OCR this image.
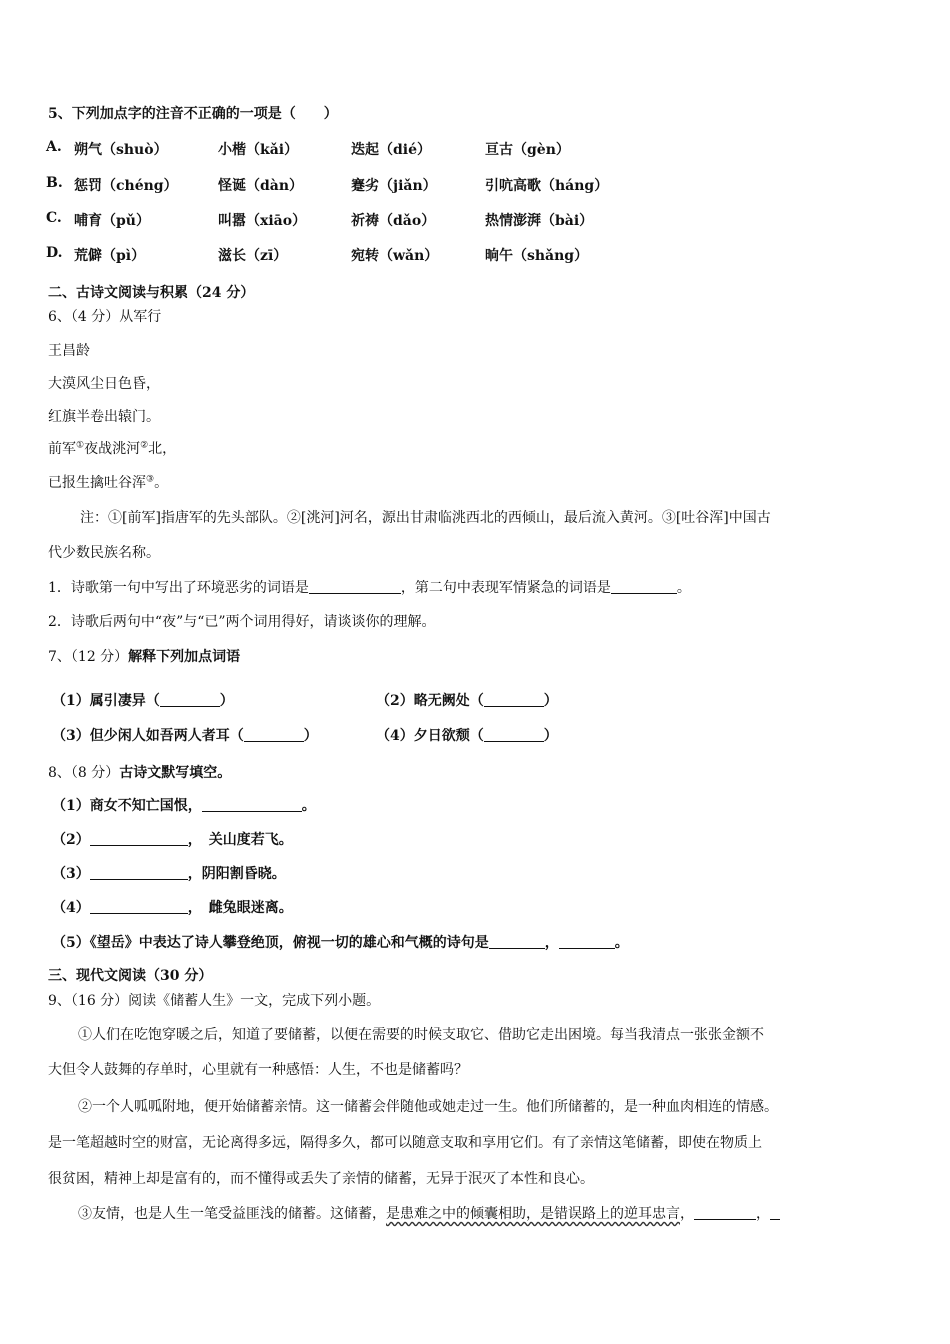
5、下列加点字的注音不正确的一项是（　　）
A. 朔气（shuò）	小楷（kǎi）	迭起（dié）	亘古（gèn）
B. 惩罚（chéng）	怪诞（dàn）	蹇劣（jiǎn）	引吭高歌（háng）
C. 哺育（pǔ）	叫嚣（xiāo）	祈祷（dǎo）	热情澎湃（bài）
D. 荒僻（pì）	滋长（zī）	宛转（wǎn）	晌午（shǎng）
二、古诗文阅读与积累（24 分）
6、（4 分）从军行
王昌龄
大漠风尘日色昏，
红旗半卷出辕门。
前军①夜战洮河②北，
已报生擒吐谷浑③。
注：①[前军]指唐军的先头部队。②[洮河]河名，源出甘肃临洮西北的西倾山，最后流入黄河。③[吐谷浑]中国古
代少数民族名称。
1．诗歌第一句中写出了环境恶劣的词语是	，第二句中表现军情紧急的词语是	。
2．诗歌后两句中“夜”与“已”两个词用得好，请谈谈你的理解。
7、（12 分）解释下列加点词语
（1）属引凄异（	）	（2）略无阙处（	）
（3）但少闲人如吾两人者耳（	）	（4）夕日欲颓（	）
8、（8 分）古诗文默写填空。
（1）商女不知亡国恨，	。
（2）	，　关山度若飞。
（3）	，阴阳割昏晓。
（4）	，　雌兔眼迷离。
（5）《望岳》中表达了诗人攀登绝顶，俯视一切的雄心和气概的诗句是	，	。
三、现代文阅读（30 分）
9、（16 分）阅读《储蓄人生》一文，完成下列小题。
①人们在吃饱穿暖之后，知道了要储蓄，以便在需要的时候支取它、借助它走出困境。每当我清点一张张金额不
大但令人鼓舞的存单时，心里就有一种感悟：人生，不也是储蓄吗？
②一个人呱呱附地，便开始储蓄亲情。这一储蓄会伴随他或她走过一生。他们所储蓄的，是一种血肉相连的情感。
是一笔超越时空的财富，无论离得多远，隔得多久，都可以随意支取和享用它们。有了亲情这笔储蓄，即使在物质上
很贫困，精神上却是富有的，而不懂得或丢失了亲情的储蓄，无异于泯灭了本性和良心。
③友情，也是人生一笔受益匪浅的储蓄。这储蓄，是患难之中的倾囊相助，是错误路上的逆耳忠言，	，
